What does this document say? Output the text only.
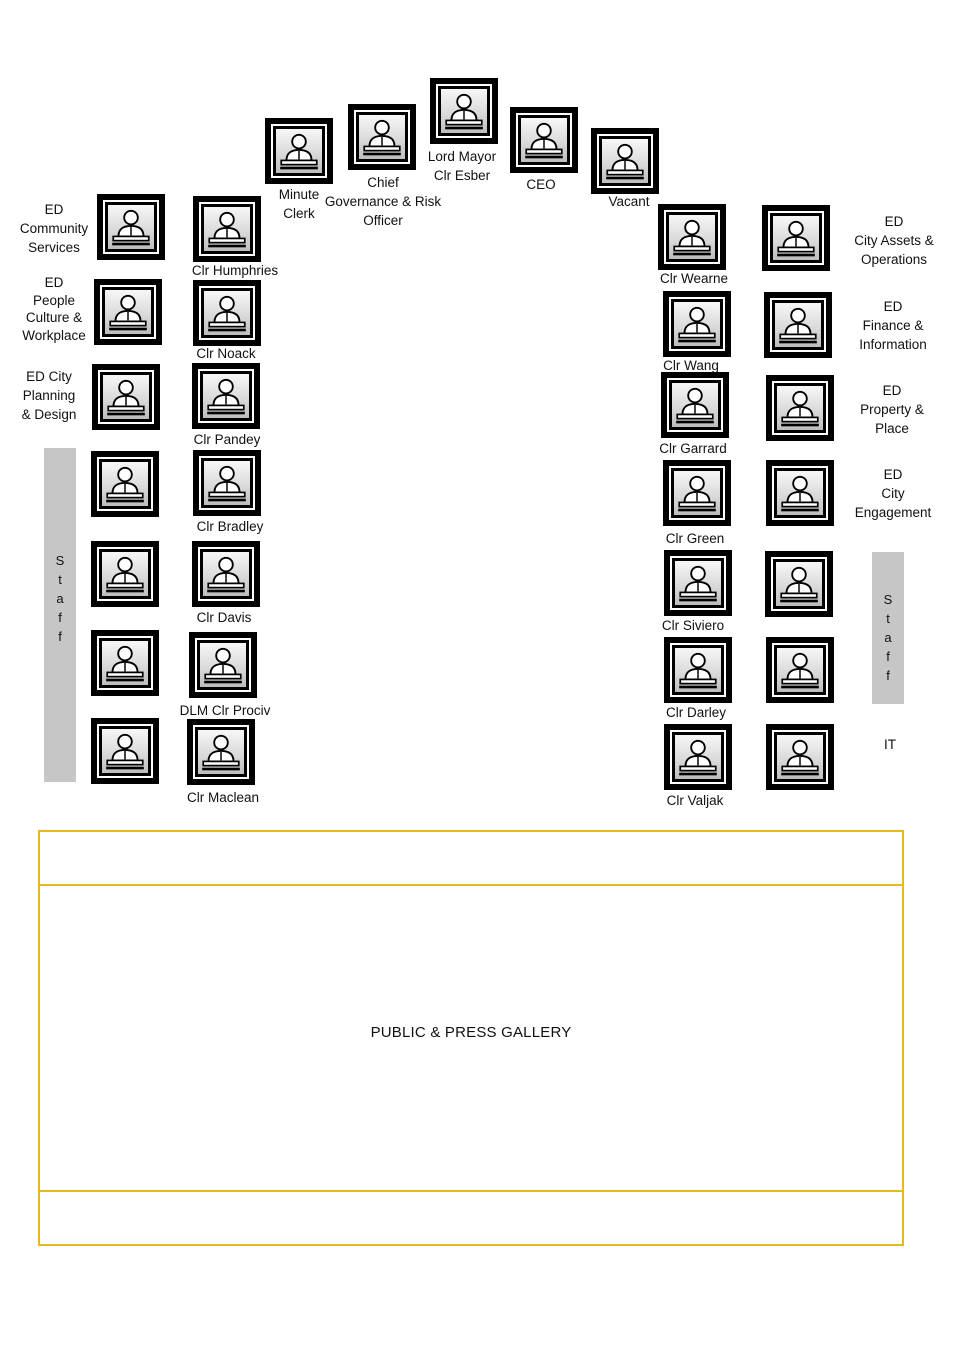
Minute
Clerk
Chief
Governance & Risk
Officer
Lord Mayor
Clr Esber
CEO
Vacant
ED
Community
Services
ED
People
Culture &
Workplace
ED City
Planning
& Design
S
t
a
f
f
Clr Humphries
Clr Noack
Clr Pandey
Clr Bradley
Clr Davis
DLM Clr Prociv
Clr Maclean
Clr Wearne
Clr Wang
Clr Garrard
Clr Green
Clr Siviero
Clr Darley
Clr Valjak
ED
City Assets &
Operations
ED
Finance &
Information
ED
Property &
Place
ED
City
Engagement
IT
S
t
a
f
f
PUBLIC & PRESS GALLERY
